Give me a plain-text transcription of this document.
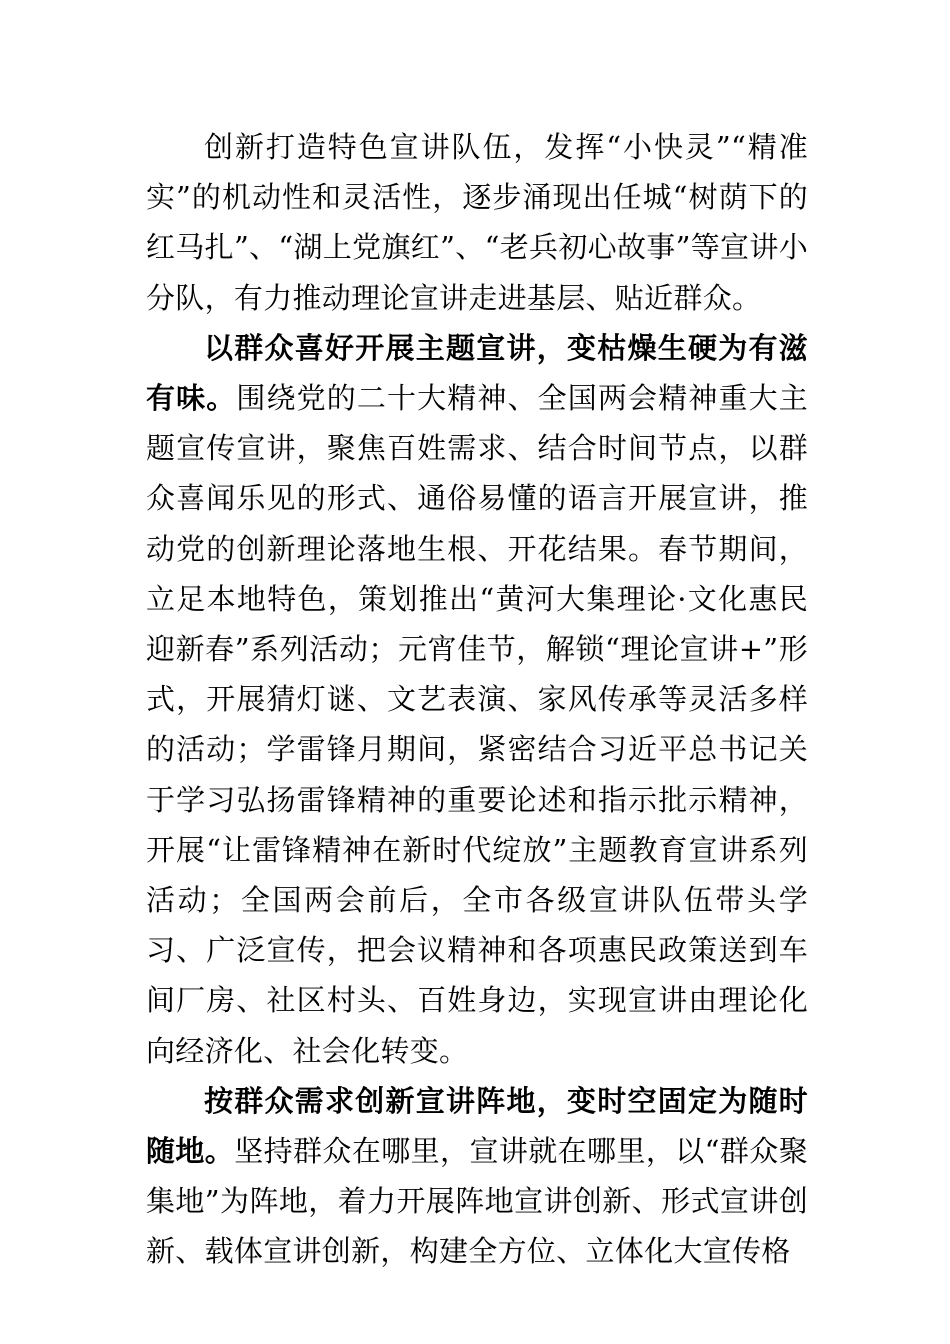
创新打造特色宣讲队伍，发挥“小快灵”“精准实”的机动性和灵活性，逐步涌现出任城“树荫下的红马扎”、“湖上党旗红”、“老兵初心故事”等宣讲小分队，有力推动理论宣讲走进基层、贴近群众。

以群众喜好开展主题宣讲，变枯燥生硬为有滋有味。围绕党的二十大精神、全国两会精神重大主题宣传宣讲，聚焦百姓需求、结合时间节点，以群众喜闻乐见的形式、通俗易懂的语言开展宣讲，推动党的创新理论落地生根、开花结果。春节期间，立足本地特色，策划推出“黄河大集理论·文化惠民迎新春”系列活动；元宵佳节，解锁“理论宣讲+”形式，开展猜灯谜、文艺表演、家风传承等灵活多样的活动；学雷锋月期间，紧密结合习近平总书记关于学习弘扬雷锋精神的重要论述和指示批示精神，开展“让雷锋精神在新时代绽放”主题教育宣讲系列活动；全国两会前后，全市各级宣讲队伍带头学习、广泛宣传，把会议精神和各项惠民政策送到车间厂房、社区村头、百姓身边，实现宣讲由理论化向经济化、社会化转变。

按群众需求创新宣讲阵地，变时空固定为随时随地。坚持群众在哪里，宣讲就在哪里，以“群众聚集地”为阵地，着力开展阵地宣讲创新、形式宣讲创新、载体宣讲创新，构建全方位、立体化大宣传格
